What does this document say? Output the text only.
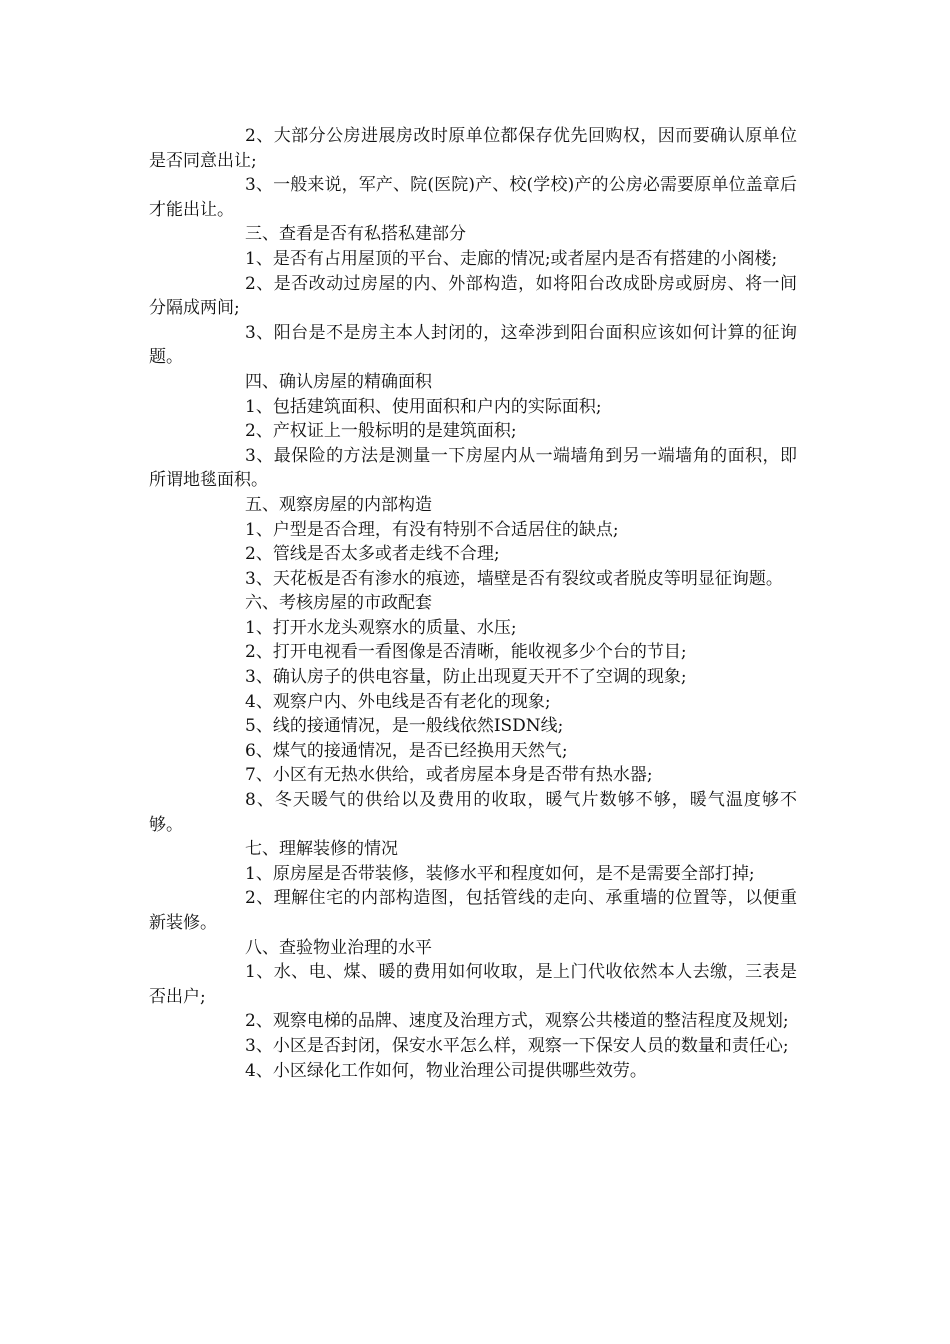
2、大部分公房进展房改时原单位都保存优先回购权，因而要确认原单位是否同意出让;

3、一般来说，军产、院(医院)产、校(学校)产的公房必需要原单位盖章后才能出让。

三、查看是否有私搭私建部分

1、是否有占用屋顶的平台、走廊的情况;或者屋内是否有搭建的小阁楼;

2、是否改动过房屋的内、外部构造，如将阳台改成卧房或厨房、将一间分隔成两间;

3、阳台是不是房主本人封闭的，这牵涉到阳台面积应该如何计算的征询题。

四、确认房屋的精确面积

1、包括建筑面积、使用面积和户内的实际面积;

2、产权证上一般标明的是建筑面积;

3、最保险的方法是测量一下房屋内从一端墙角到另一端墙角的面积，即所谓地毯面积。

五、观察房屋的内部构造

1、户型是否合理，有没有特别不合适居住的缺点;

2、管线是否太多或者走线不合理;

3、天花板是否有渗水的痕迹，墙壁是否有裂纹或者脱皮等明显征询题。

六、考核房屋的市政配套

1、打开水龙头观察水的质量、水压;

2、打开电视看一看图像是否清晰，能收视多少个台的节目;

3、确认房子的供电容量，防止出现夏天开不了空调的现象;

4、观察户内、外电线是否有老化的现象;

5、线的接通情况，是一般线依然ISDN线;

6、煤气的接通情况，是否已经换用天然气;

7、小区有无热水供给，或者房屋本身是否带有热水器;

8、冬天暖气的供给以及费用的收取，暖气片数够不够，暖气温度够不够。

七、理解装修的情况

1、原房屋是否带装修，装修水平和程度如何，是不是需要全部打掉;

2、理解住宅的内部构造图，包括管线的走向、承重墙的位置等，以便重新装修。

八、查验物业治理的水平

1、水、电、煤、暖的费用如何收取，是上门代收依然本人去缴，三表是否出户;

2、观察电梯的品牌、速度及治理方式，观察公共楼道的整洁程度及规划;

3、小区是否封闭，保安水平怎么样，观察一下保安人员的数量和责任心;

4、小区绿化工作如何，物业治理公司提供哪些效劳。
